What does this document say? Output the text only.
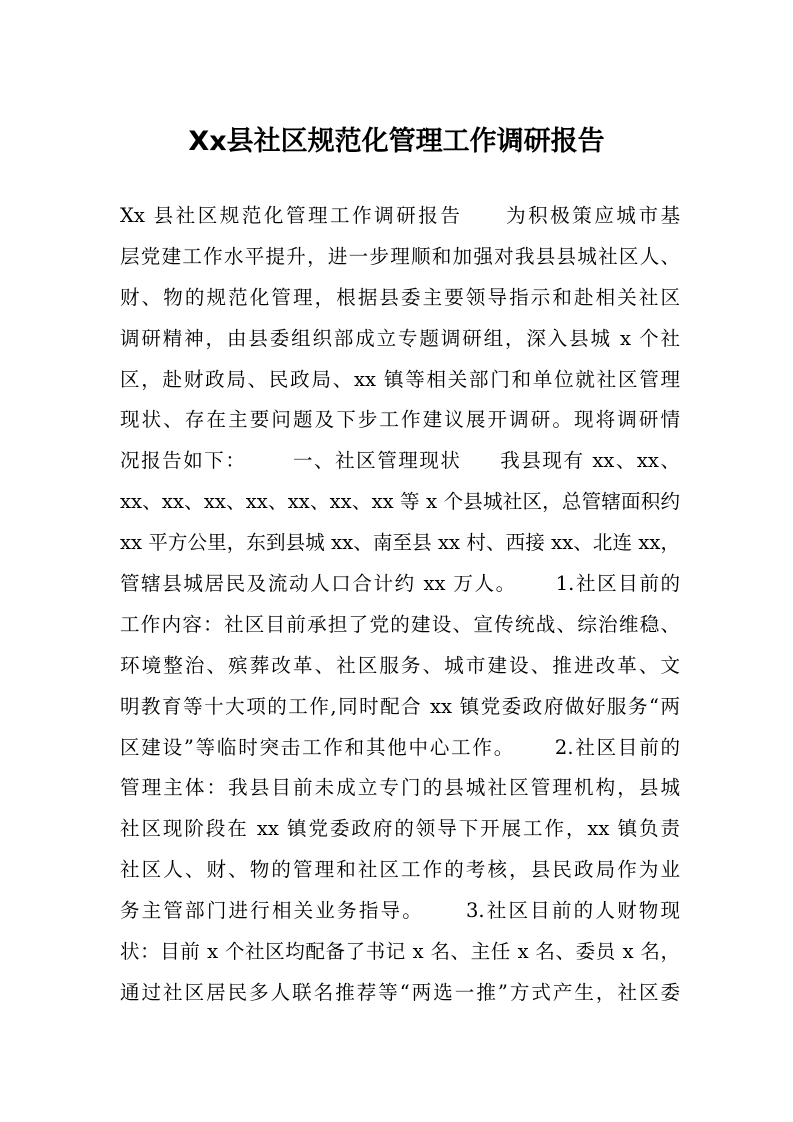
Xx县社区规范化管理工作调研报告
Xx 县社区规范化管理工作调研报告     为积极策应城市基
层党建工作水平提升，进一步理顺和加强对我县县城社区人、
财、物的规范化管理，根据县委主要领导指示和赴相关社区
调研精神，由县委组织部成立专题调研组，深入县城 x 个社
区，赴财政局、民政局、xx 镇等相关部门和单位就社区管理
现状、存在主要问题及下步工作建议展开调研。现将调研情
况报告如下：      一、社区管理现状     我县现有 xx、xx、
xx、xx、xx、xx、xx、xx、xx 等 x 个县城社区，总管辖面积约
xx 平方公里，东到县城 xx、南至县 xx 村、西接 xx、北连 xx，
管辖县城居民及流动人口合计约 xx 万人。     1.社区目前的
工作内容：社区目前承担了党的建设、宣传统战、综治维稳、
环境整治、殡葬改革、社区服务、城市建设、推进改革、文
明教育等十大项的工作,同时配合 xx 镇党委政府做好服务“两
区建设”等临时突击工作和其他中心工作。     2.社区目前的
管理主体：我县目前未成立专门的县城社区管理机构，县城
社区现阶段在 xx 镇党委政府的领导下开展工作，xx 镇负责
社区人、财、物的管理和社区工作的考核，县民政局作为业
务主管部门进行相关业务指导。     3.社区目前的人财物现
状：目前 x 个社区均配备了书记 x 名、主任 x 名、委员 x 名，
通过社区居民多人联名推荐等“两选一推”方式产生，社区委
